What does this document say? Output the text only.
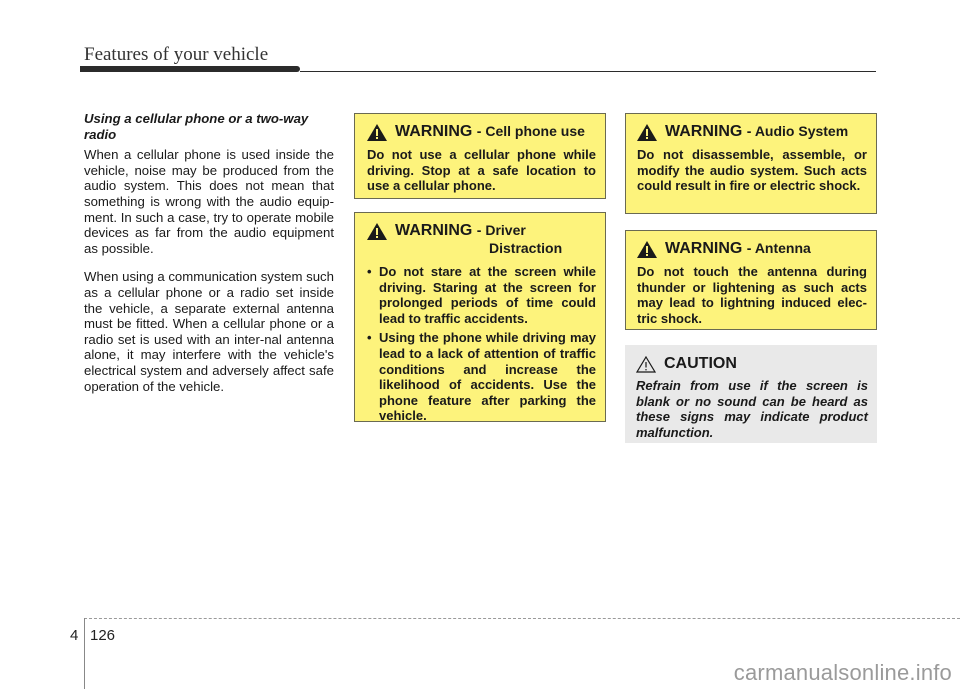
Features of your vehicle

Using a cellular phone or a two-way radio

When a cellular phone is used inside the vehicle, noise may be produced from the audio system. This does not mean that something is wrong with the audio equip-ment. In such a case, try to operate mobile devices as far from the audio equipment as possible.

When using a communication system such as a cellular phone or a radio set inside the vehicle, a separate external antenna must be fitted. When a cellular phone or a radio set is used with an inter-nal antenna alone, it may interfere with the vehicle's electrical system and adversely affect safe operation of the vehicle.

WARNING - Cell phone use
Do not use a cellular phone while driving. Stop at a safe location to use a cellular phone.
WARNING - Driver
Distraction
• Do not stare at the screen while driving. Staring at the screen for prolonged periods of time could lead to traffic accidents.
• Using the phone while driving may lead to a lack of attention of traffic conditions and increase the likelihood of accidents. Use the phone feature after parking the vehicle.
WARNING - Audio System
Do not disassemble, assemble, or modify the audio system. Such acts could result in fire or electric shock.
WARNING - Antenna
Do not touch the antenna during thunder or lightening as such acts may lead to lightning induced elec-tric shock.
CAUTION
Refrain from use if the screen is blank or no sound can be heard as these signs may indicate product malfunction.
4 126
carmanualsonline.info
